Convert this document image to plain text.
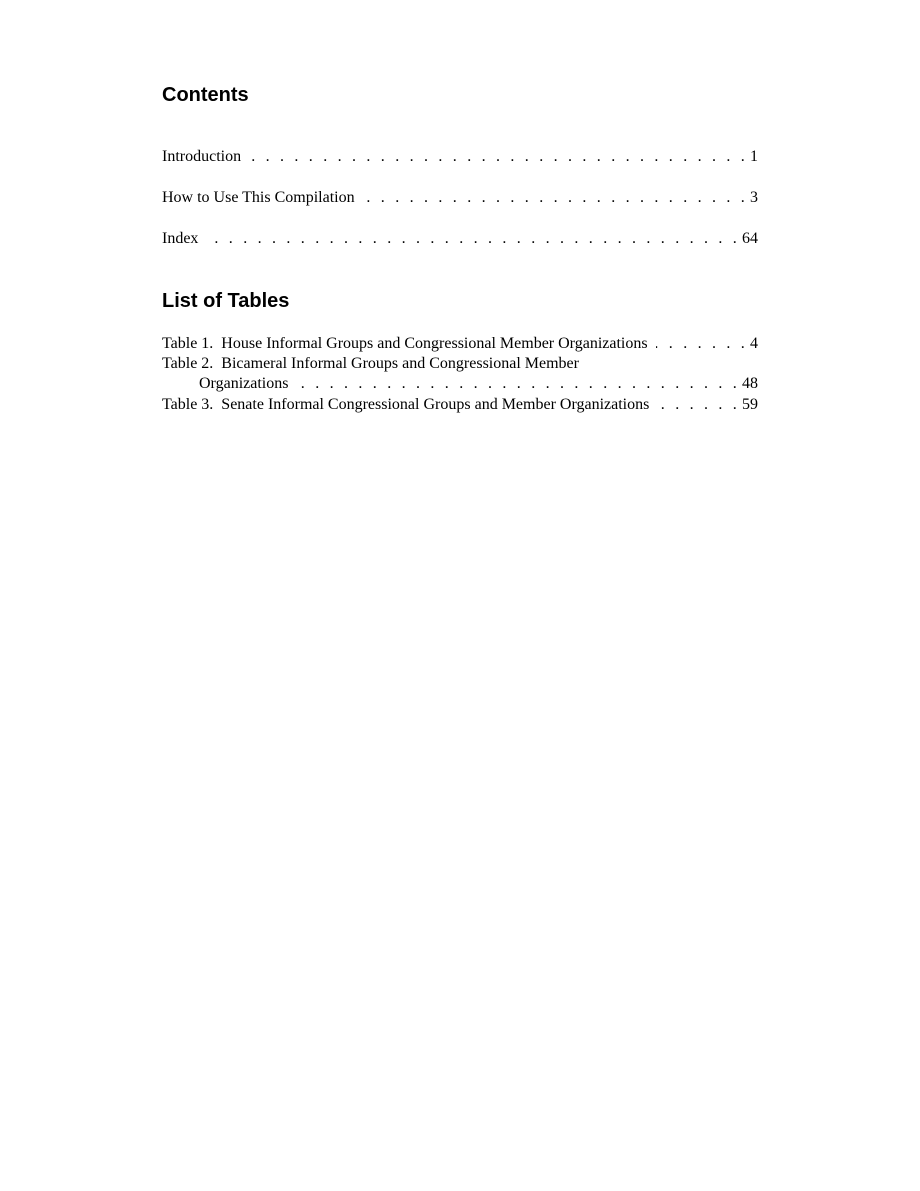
Contents
Introduction . . .	1
How to Use This Compilation . . .	3
Index . . .	64
List of Tables
Table 1.  House Informal Groups and Congressional Member Organizations . . .	4
Table 2.  Bicameral Informal Groups and Congressional Member
Organizations . . .	48
Table 3.  Senate Informal Congressional Groups and Member Organizations . . .	59
